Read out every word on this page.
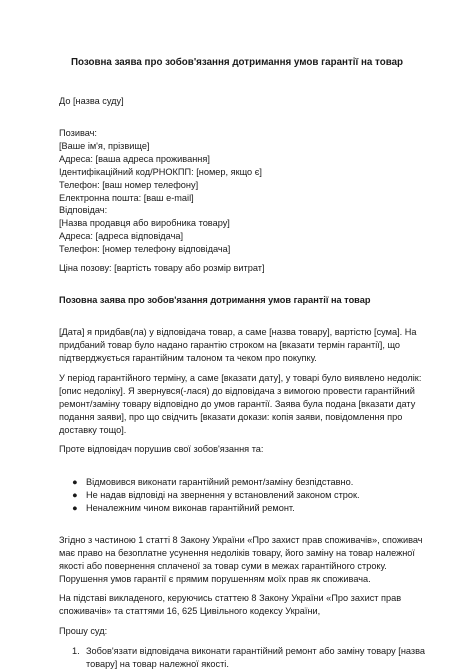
Позовна заява про зобов'язання дотримання умов гарантії на товар

До [назва суду]

Позивач:
[Ваше ім'я, прізвище]
Адреса: [ваша адреса проживання]
Ідентифікаційний код/РНОКПП: [номер, якщо є]
Телефон: [ваш номер телефону]
Електронна пошта: [ваш e-mail]
Відповідач:
[Назва продавця або виробника товару]
Адреса: [адреса відповідача]
Телефон: [номер телефону відповідача]

Ціна позову: [вартість товару або розмір витрат]

Позовна заява про зобов'язання дотримання умов гарантії на товар

[Дата] я придбав(ла) у відповідача товар, а саме [назва товару], вартістю [сума]. На
придбаний товар було надано гарантію строком на [вказати термін гарантії], що
підтверджується гарантійним талоном та чеком про покупку.
У період гарантійного терміну, а саме [вказати дату], у товарі було виявлено недолік:
[опис недоліку]. Я звернувся(-лася) до відповідача з вимогою провести гарантійний
ремонт/заміну товару відповідно до умов гарантії. Заява була подана [вказати дату
подання заяви], про що свідчить [вказати докази: копія заяви, повідомлення про
доставку тощо].

Проте відповідач порушив свої зобов'язання та:

● Відмовився виконати гарантійний ремонт/заміну безпідставно.
● Не надав відповіді на звернення у встановлений законом строк.
● Неналежним чином виконав гарантійний ремонт.
Згідно з частиною 1 статті 8 Закону України «Про захист прав споживачів», споживач
має право на безоплатне усунення недоліків товару, його заміну на товар належної
якості або повернення сплаченої за товар суми в межах гарантійного строку.
Порушення умов гарантії є прямим порушенням моїх прав як споживача.
На підставі викладеного, керуючись статтею 8 Закону України «Про захист прав
споживачів» та статтями 16, 625 Цивільного кодексу України,

Прошу суд:

1. Зобов'язати відповідача виконати гарантійний ремонт або заміну товару [назва
товару] на товар належної якості.
